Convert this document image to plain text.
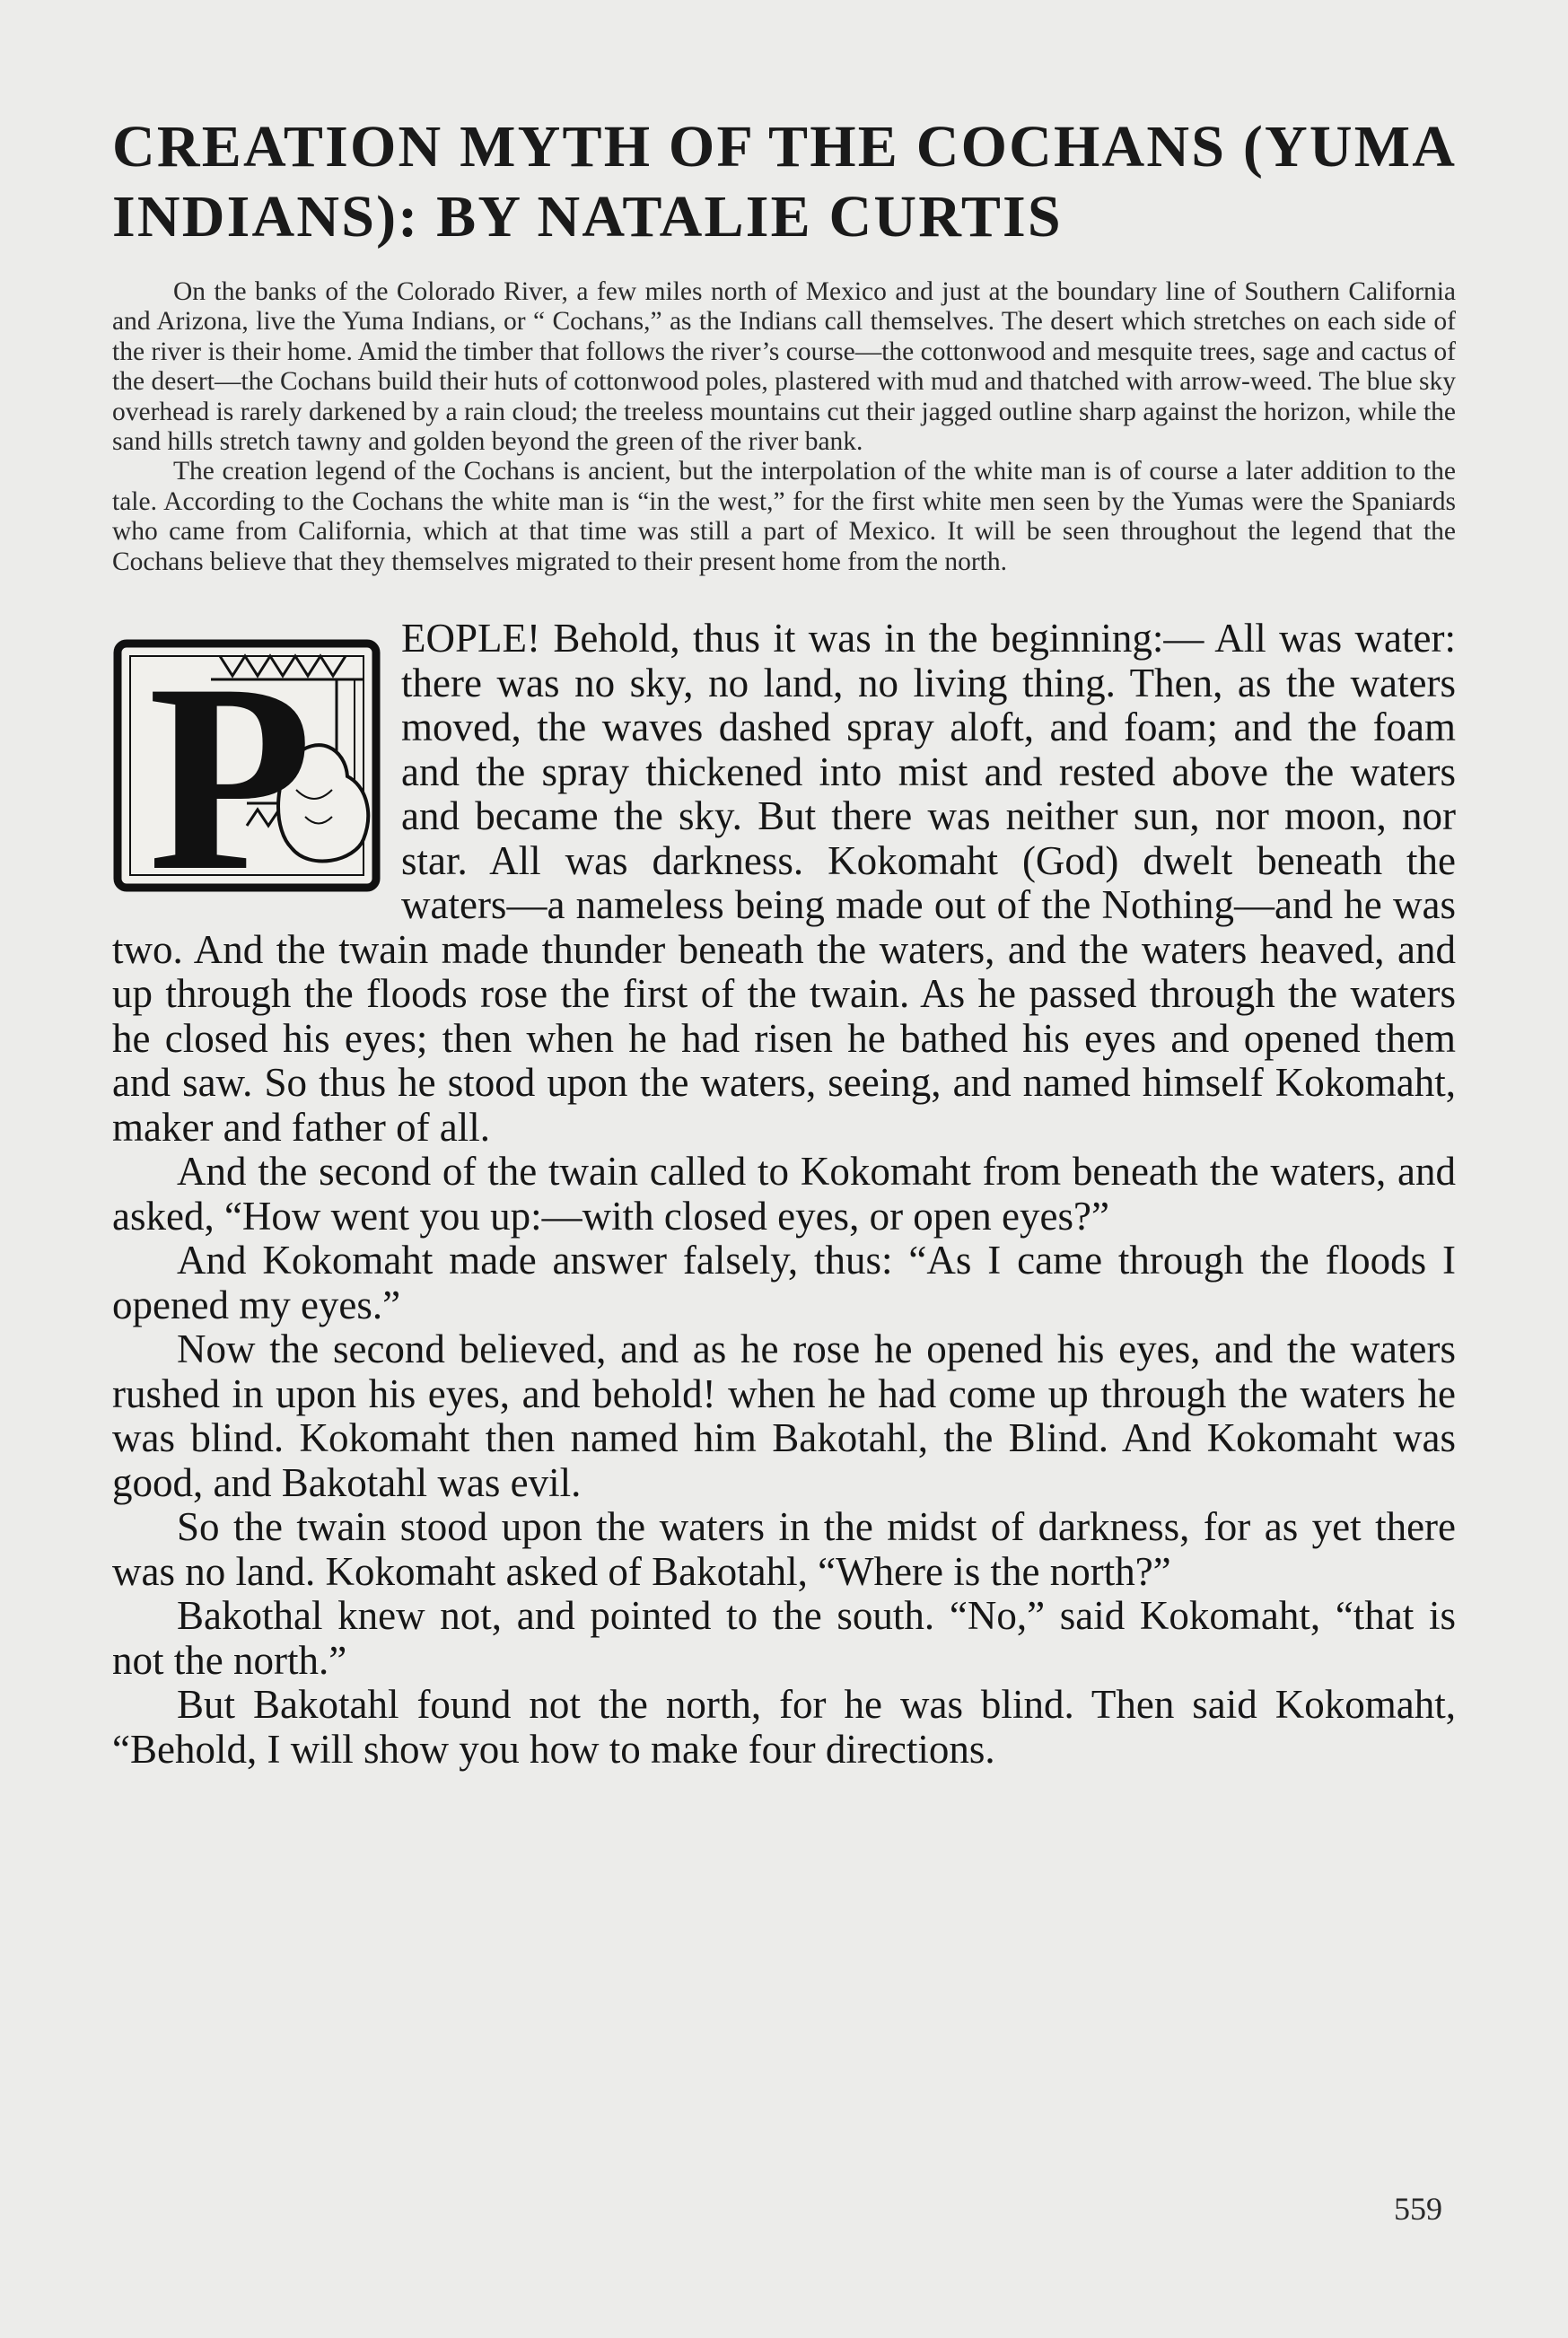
CREATION MYTH OF THE COCHANS (YUMA INDIANS): BY NATALIE CURTIS

On the banks of the Colorado River, a few miles north of Mexico and just at the boundary line of Southern California and Arizona, live the Yuma Indians, or “ Cochans,” as the Indians call themselves. The desert which stretches on each side of the river is their home. Amid the timber that follows the river’s course—the cottonwood and mesquite trees, sage and cactus of the desert—the Cochans build their huts of cottonwood poles, plastered with mud and thatched with arrow-weed. The blue sky overhead is rarely darkened by a rain cloud; the treeless mountains cut their jagged outline sharp against the horizon, while the sand hills stretch tawny and golden beyond the green of the river bank.

The creation legend of the Cochans is ancient, but the interpolation of the white man is of course a later addition to the tale. According to the Cochans the white man is “in the west,” for the first white men seen by the Yumas were the Spaniards who came from California, which at that time was still a part of Mexico. It will be seen throughout the legend that the Cochans believe that they themselves migrated to their present home from the north.

P	EOPLE! Behold, thus it was in the beginning:— All was water: there was no sky, no land, no living thing. Then, as the waters moved, the waves dashed spray aloft, and foam; and the foam and the spray thickened into mist and rested above the waters and became the sky. But there was neither sun, nor moon, nor star. All was darkness. Kokomaht (God) dwelt beneath the waters—a nameless being made out of the Nothing—and he was two. And the twain made thunder beneath the waters, and the waters heaved, and up through the floods rose the first of the twain. As he passed through the waters he closed his eyes; then when he had risen he bathed his eyes and opened them and saw. So thus he stood upon the waters, seeing, and named himself Kokomaht, maker and father of all.

And the second of the twain called to Kokomaht from beneath the waters, and asked, “How went you up:—with closed eyes, or open eyes?”

And Kokomaht made answer falsely, thus: “As I came through the floods I opened my eyes.”

Now the second believed, and as he rose he opened his eyes, and the waters rushed in upon his eyes, and behold! when he had come up through the waters he was blind. Kokomaht then named him Bakotahl, the Blind. And Kokomaht was good, and Bakotahl was evil.

So the twain stood upon the waters in the midst of darkness, for as yet there was no land. Kokomaht asked of Bakotahl, “Where is the north?”

Bakothal knew not, and pointed to the south. “No,” said Kokomaht, “that is not the north.”

But Bakotahl found not the north, for he was blind. Then said Kokomaht, “Behold, I will show you how to make four directions.

559
